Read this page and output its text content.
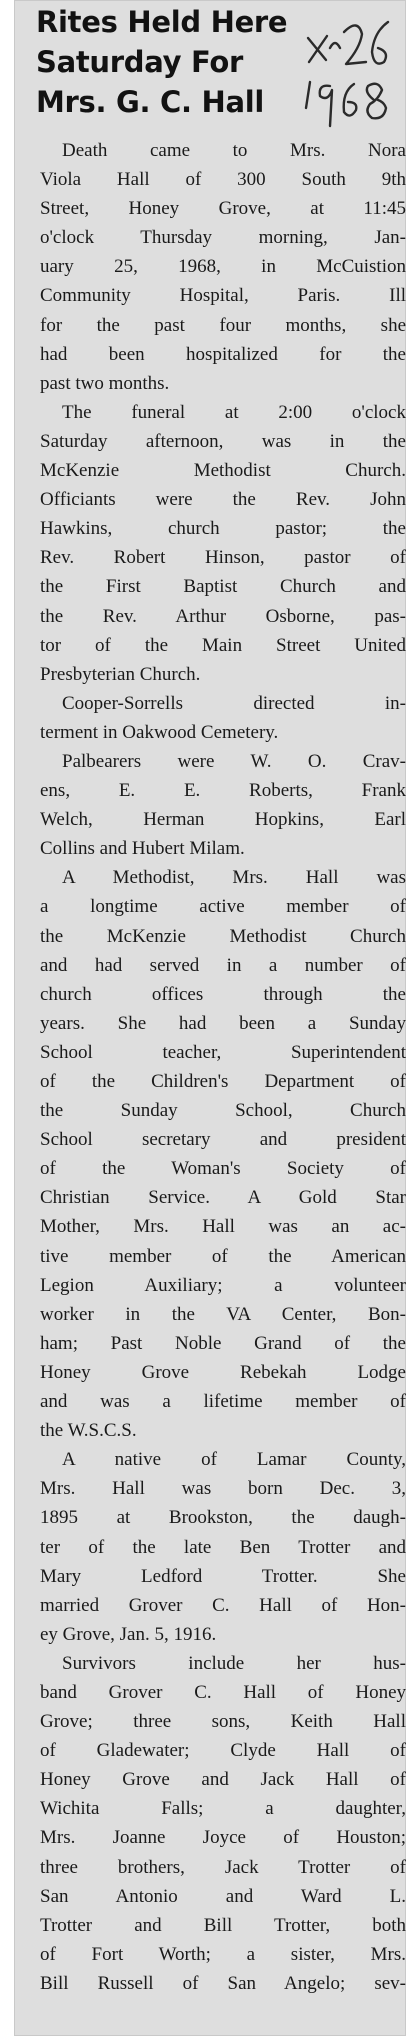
Rites Held Here
Saturday For
Mrs. G. C. Hall

Death came to Mrs. Nora
Viola Hall of 300 South 9th
Street, Honey Grove, at 11:45
o'clock Thursday morning, Jan-
uary 25, 1968, in McCuistion
Community Hospital, Paris. Ill
for the past four months, she
had been hospitalized for the
past two months.

The funeral at 2:00 o'clock
Saturday afternoon, was in the
McKenzie Methodist Church.
Officiants were the Rev. John
Hawkins, church pastor; the
Rev. Robert Hinson, pastor of
the First Baptist Church and
the Rev. Arthur Osborne, pas-
tor of the Main Street United
Presbyterian Church.

Cooper-Sorrells directed in-
terment in Oakwood Cemetery.

Palbearers were W. O. Crav-
ens, E. E. Roberts, Frank
Welch, Herman Hopkins, Earl
Collins and Hubert Milam.

A Methodist, Mrs. Hall was
a longtime active member of
the McKenzie Methodist Church
and had served in a number of
church offices through the
years. She had been a Sunday
School teacher, Superintendent
of the Children's Department of
the Sunday School, Church
School secretary and president
of the Woman's Society of
Christian Service. A Gold Star
Mother, Mrs. Hall was an ac-
tive member of the American
Legion Auxiliary; a volunteer
worker in the VA Center, Bon-
ham; Past Noble Grand of the
Honey Grove Rebekah Lodge
and was a lifetime member of
the W.S.C.S.

A native of Lamar County,
Mrs. Hall was born Dec. 3,
1895 at Brookston, the daugh-
ter of the late Ben Trotter and
Mary Ledford Trotter. She
married Grover C. Hall of Hon-
ey Grove, Jan. 5, 1916.

Survivors include her hus-
band Grover C. Hall of Honey
Grove; three sons, Keith Hall
of Gladewater; Clyde Hall of
Honey Grove and Jack Hall of
Wichita Falls; a daughter,
Mrs. Joanne Joyce of Houston;
three brothers, Jack Trotter of
San Antonio and Ward L.
Trotter and Bill Trotter, both
of Fort Worth; a sister, Mrs.
Bill Russell of San Angelo; sev-
